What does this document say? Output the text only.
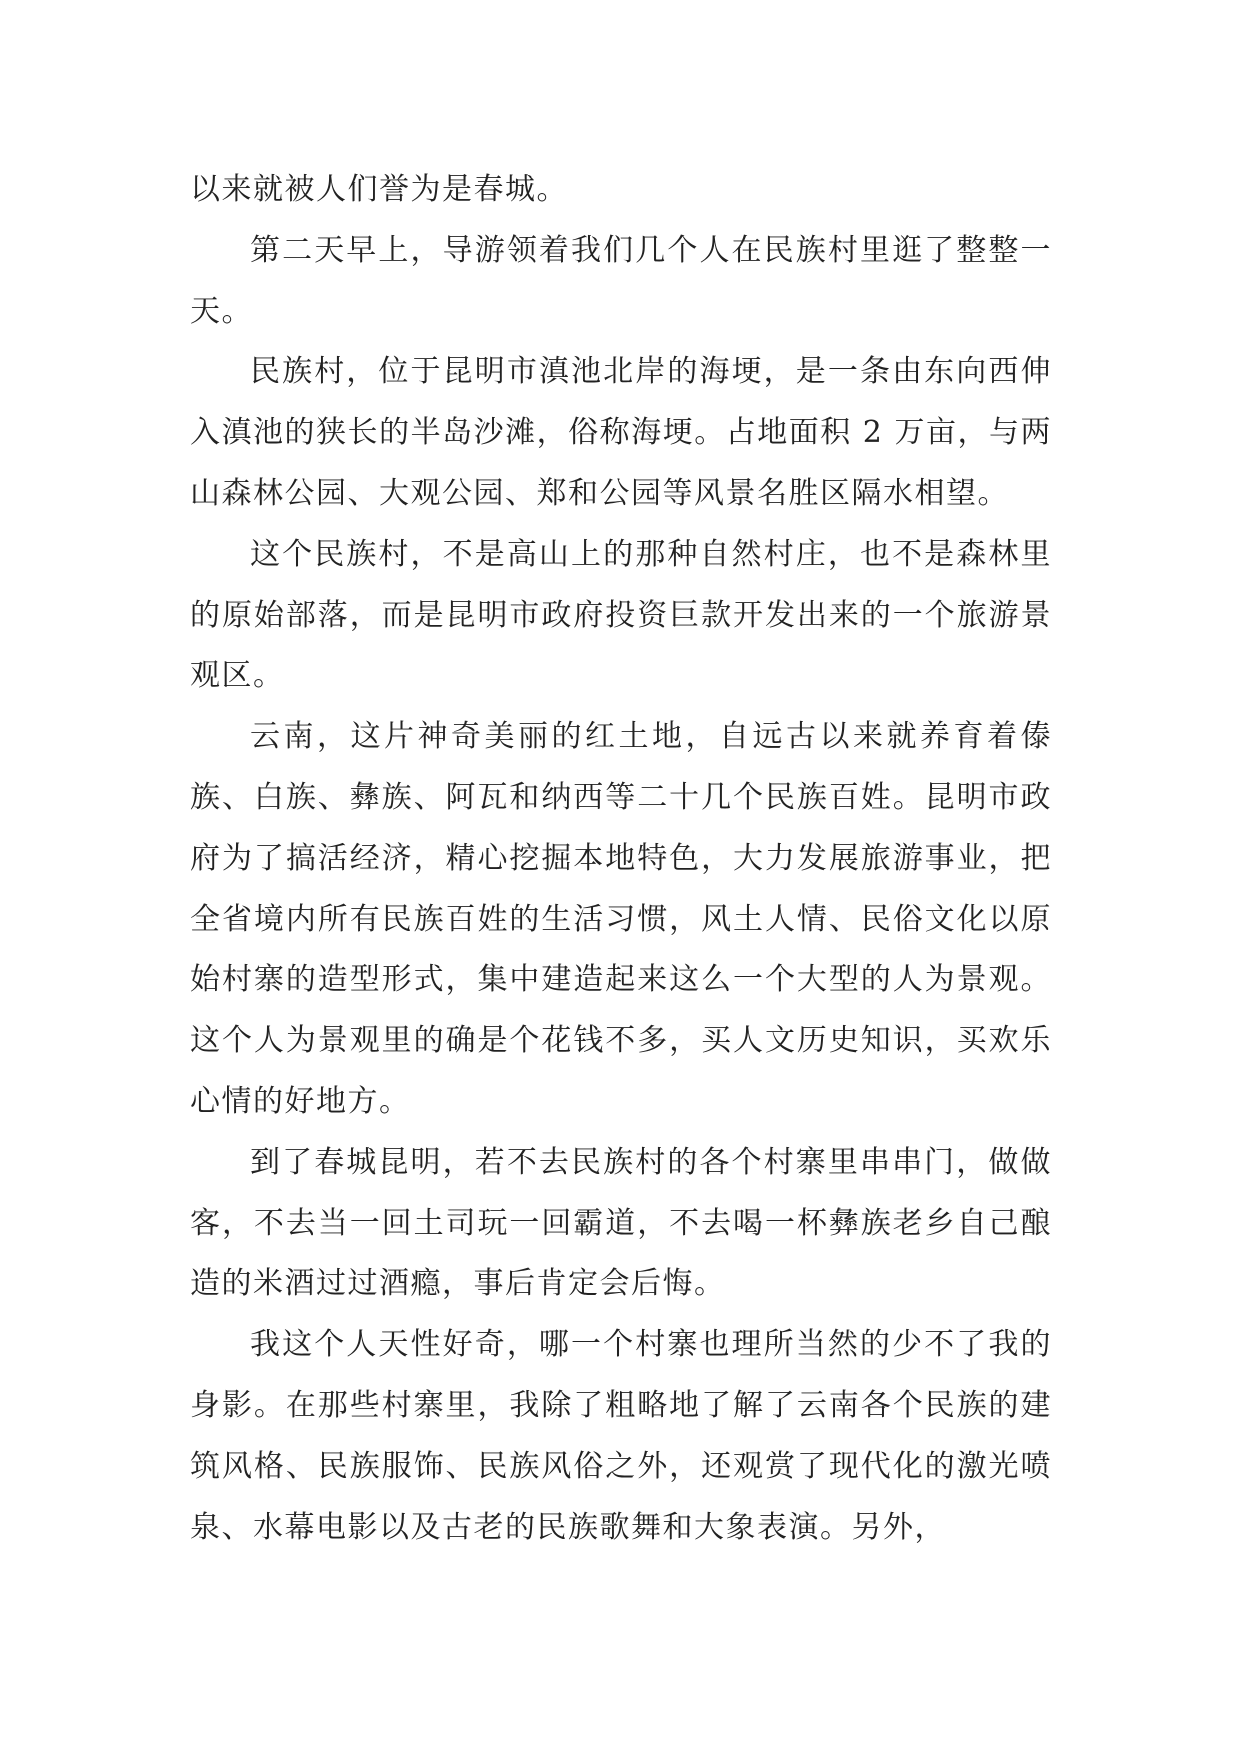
以来就被人们誉为是春城。

第二天早上，导游领着我们几个人在民族村里逛了整整一天。

民族村，位于昆明市滇池北岸的海埂，是一条由东向西伸入滇池的狭长的半岛沙滩，俗称海埂。占地面积 2 万亩，与两山森林公园、大观公园、郑和公园等风景名胜区隔水相望。

这个民族村，不是高山上的那种自然村庄，也不是森林里的原始部落，而是昆明市政府投资巨款开发出来的一个旅游景观区。

云南，这片神奇美丽的红土地，自远古以来就养育着傣族、白族、彝族、阿瓦和纳西等二十几个民族百姓。昆明市政府为了搞活经济，精心挖掘本地特色，大力发展旅游事业，把全省境内所有民族百姓的生活习惯，风土人情、民俗文化以原始村寨的造型形式，集中建造起来这么一个大型的人为景观。这个人为景观里的确是个花钱不多，买人文历史知识，买欢乐心情的好地方。

到了春城昆明，若不去民族村的各个村寨里串串门，做做客，不去当一回土司玩一回霸道，不去喝一杯彝族老乡自己酿造的米酒过过酒瘾，事后肯定会后悔。

我这个人天性好奇，哪一个村寨也理所当然的少不了我的身影。在那些村寨里，我除了粗略地了解了云南各个民族的建筑风格、民族服饰、民族风俗之外，还观赏了现代化的激光喷泉、水幕电影以及古老的民族歌舞和大象表演。另外，
